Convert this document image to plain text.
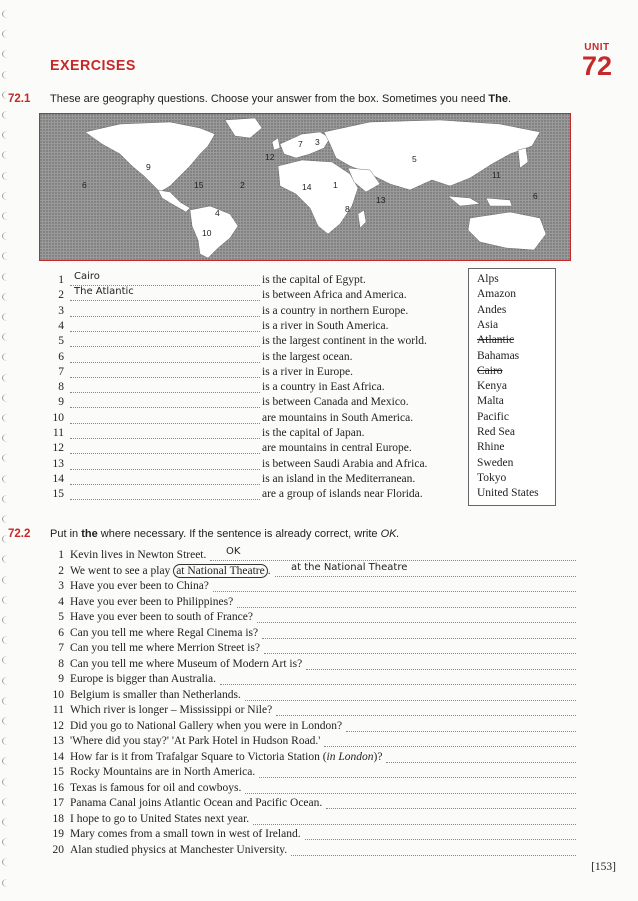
EXERCISES
UNIT
72
72.1 These are geography questions. Choose your answer from the box. Sometimes you need The.
7 3
12	5
11
9
6	15	2	14	1
8
13	6
4
10
1 Cairo	is the capital of Egypt.
2 The Atlantic	is between Africa and America.
3	is a country in northern Europe.
4	is a river in South America.
5	is the largest continent in the world.
6	is the largest ocean.
7	is a river in Europe.
8	is a country in East Africa.
9	is between Canada and Mexico.
10	are mountains in South America.
11	is the capital of Japan.
12	are mountains in central Europe.
13	is between Saudi Arabia and Africa.
14	is an island in the Mediterranean.
15	are a group of islands near Florida.
Alps
Amazon
Andes
Asia
Atlantic
Bahamas
Cairo
Kenya
Malta
Pacific
Red Sea
Rhine
Sweden
Tokyo
United States
72.2 Put in the where necessary. If the sentence is already correct, write OK.
1 Kevin lives in Newton Street. OK
2 We went to see a play at National Theatre . at the National Theatre
3 Have you ever been to China?
4 Have you ever been to Philippines?
5 Have you ever been to south of France?
6 Can you tell me where Regal Cinema is?
7 Can you tell me where Merrion Street is?
8 Can you tell me where Museum of Modern Art is?
9 Europe is bigger than Australia.
10 Belgium is smaller than Netherlands.
11 Which river is longer – Mississippi or Nile?
12 Did you go to National Gallery when you were in London?
13 'Where did you stay?' 'At Park Hotel in Hudson Road.'
14 How far is it from Trafalgar Square to Victoria Station (in London)?
15 Rocky Mountains are in North America.
16 Texas is famous for oil and cowboys.
17 Panama Canal joins Atlantic Ocean and Pacific Ocean.
18 I hope to go to United States next year.
19 Mary comes from a small town in west of Ireland.
20 Alan studied physics at Manchester University.
[153]
